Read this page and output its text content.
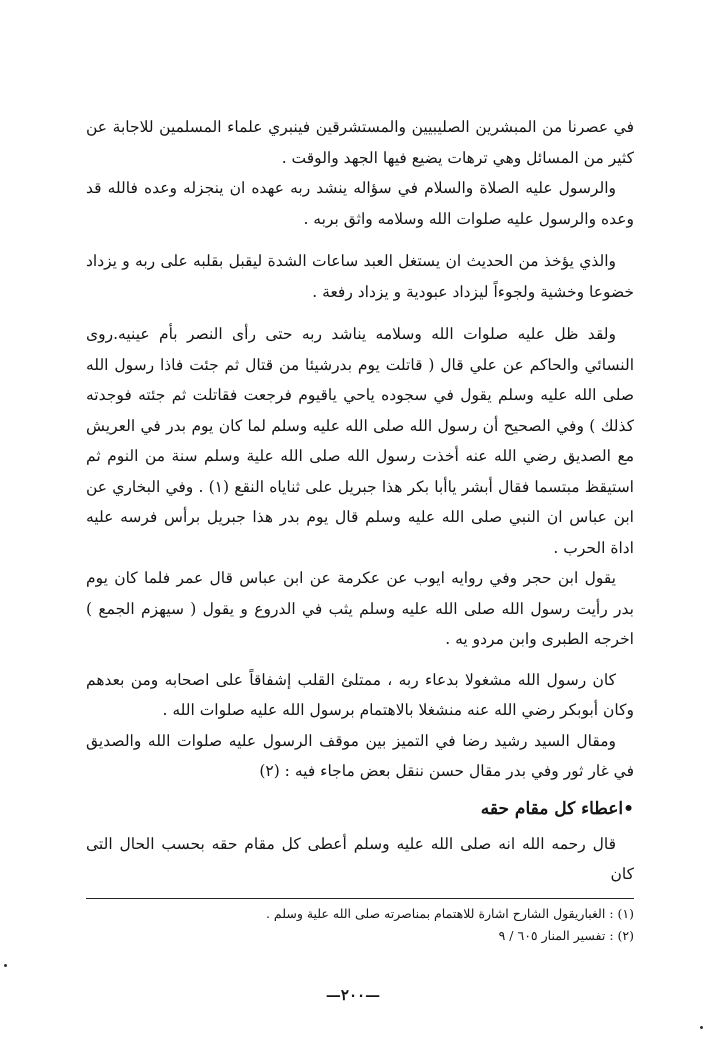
في عصرنا من المبشرين الصليبيين والمستشرقين فينبري علماء المسلمين للاجابة عن كثير من المسائل وهي ترهات يضيع فيها الجهد والوقت .

والرسول عليه الصلاة والسلام في سؤاله ينشد ربه عهده ان ينجزله وعده فالله قد وعده والرسول عليه صلوات الله وسلامه واثق بربه .

والذي يؤخذ من الحديث ان يستغل العبد ساعات الشدة ليقبل بقلبه على ربه و يزداد خضوعا وخشية ولجوءاً ليزداد عبودية و يزداد رفعة .

ولقد ظل عليه صلوات الله وسلامه يناشد ربه حتى رأى النصر بأم عينيه.روى النسائي والحاكم عن علي قال ( قاتلت يوم بدرشيئا من قتال ثم جئت فاذا رسول الله صلى الله عليه وسلم يقول في سجوده ياحي ياقيوم فرجعت فقاتلت ثم جئته فوجدته كذلك ) وفي الصحيح أن رسول الله صلى الله عليه وسلم لما كان يوم بدر في العريش مع الصديق رضي الله عنه أخذت رسول الله صلى الله علية وسلم سنة من النوم ثم استيقظ مبتسما فقال أبشر ياأبا بكر هذا جبريل على ثناياه النقع (١) . وفي البخاري عن ابن عباس ان النبي صلى الله عليه وسلم قال يوم بدر هذا جبريل برأس فرسه عليه اداة الحرب .

يقول ابن حجر وفي روايه ايوب عن عكرمة عن ابن عباس قال عمر فلما كان يوم بدر رأيت رسول الله صلى الله عليه وسلم يثب في الدروع و يقول ( سيهزم الجمع ) اخرجه الطبرى وابن مردو يه .

كان رسول الله مشغولا بدعاء ربه ، ممتلئ القلب إشفاقاً على اصحابه ومن بعدهم وكان أبوبكر رضي الله عنه منشغلا بالاهتمام برسول الله عليه صلوات الله .

ومقال السيد رشيد رضا في التميز بين موقف الرسول عليه صلوات الله والصديق في غار ثور وفي بدر مقال حسن ننقل بعض ماجاء فيه : (٢)

•اعطاء كل مقام حقه

قال رحمه الله انه صلى الله عليه وسلم أعطى كل مقام حقه بحسب الحال التى كان

(١) : الغباريقول الشارح اشارة للاهتمام بمناصرته صلى الله علية وسلم .
(٢) : تفسير المنار ٦٠٥ / ٩
—٢٠٠—
